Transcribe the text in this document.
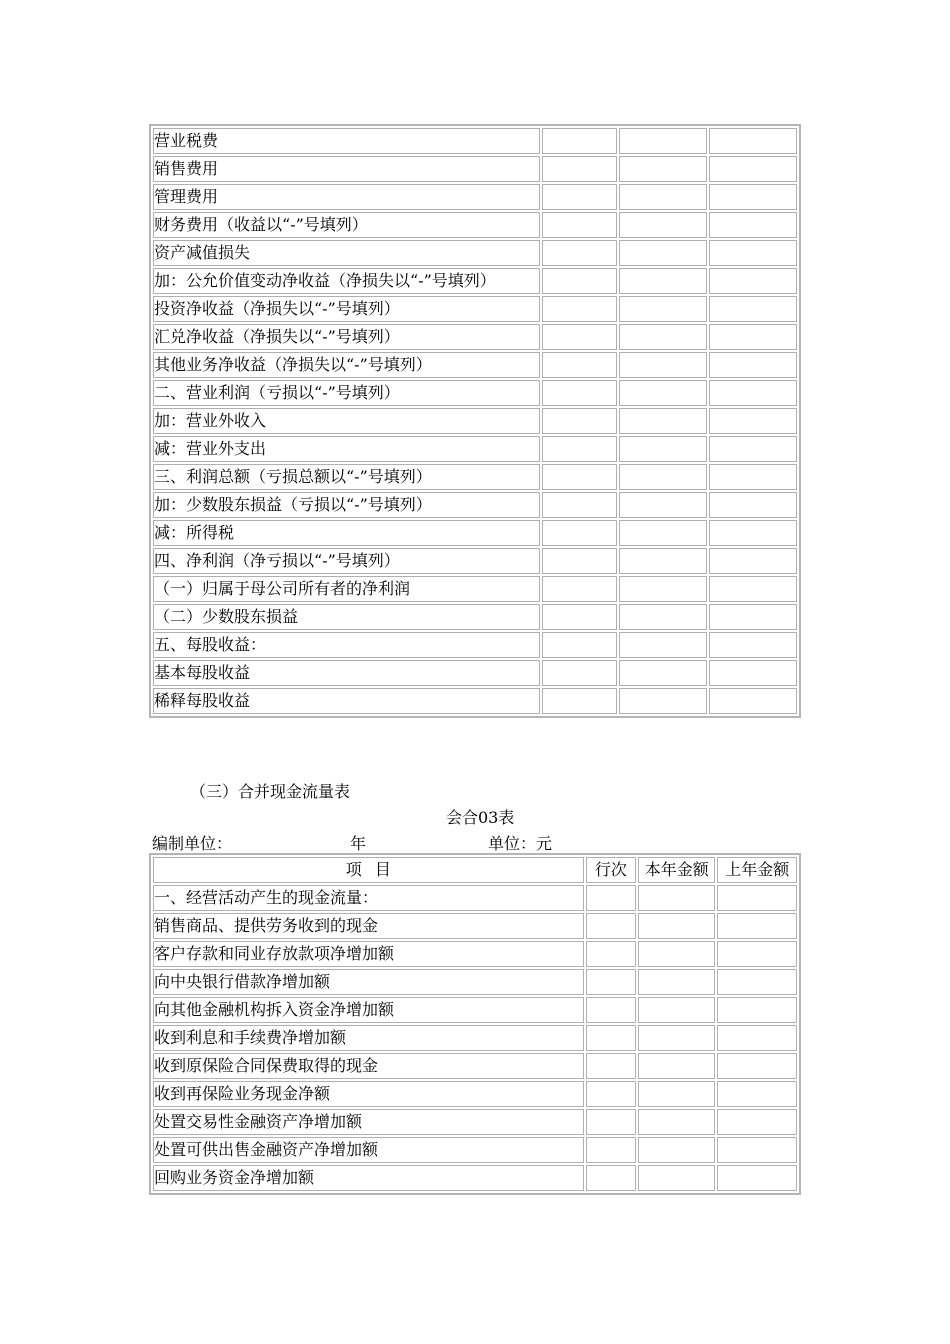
营业税费			
销售费用			
管理费用			
财务费用（收益以“-”号填列）			
资产减值损失			
加：公允价值变动净收益（净损失以“-”号填列）			
投资净收益（净损失以“-”号填列）			
汇兑净收益（净损失以“-”号填列）			
其他业务净收益（净损失以“-”号填列）			
二、营业利润（亏损以“-”号填列）			
加：营业外收入			
减：营业外支出			
三、利润总额（亏损总额以“-”号填列）			
加：少数股东损益（亏损以“-”号填列）			
减：所得税			
四、净利润（净亏损以“-”号填列）			
（一）归属于母公司所有者的净利润			
（二）少数股东损益			
五、每股收益：			
基本每股收益			
稀释每股收益			
（三）合并现金流量表
会合03表
编制单位：	年	单位：元
项 目	行次	本年金额	上年金额
一、经营活动产生的现金流量：			
销售商品、提供劳务收到的现金			
客户存款和同业存放款项净增加额			
向中央银行借款净增加额			
向其他金融机构拆入资金净增加额			
收到利息和手续费净增加额			
收到原保险合同保费取得的现金			
收到再保险业务现金净额			
处置交易性金融资产净增加额			
处置可供出售金融资产净增加额			
回购业务资金净增加额			
